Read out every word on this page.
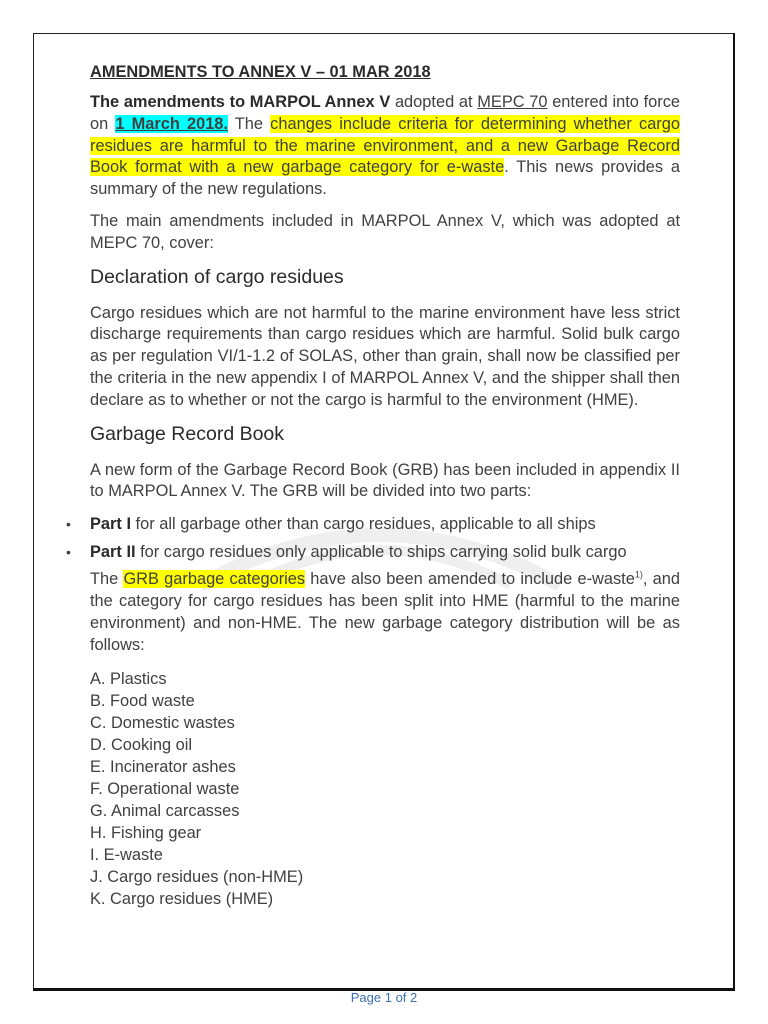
AMENDMENTS TO ANNEX V – 01 MAR 2018

The amendments to MARPOL Annex V adopted at MEPC 70 entered into force on 1 March 2018. The changes include criteria for determining whether cargo residues are harmful to the marine environment, and a new Garbage Record Book format with a new garbage category for e-waste. This news provides a summary of the new regulations.

The main amendments included in MARPOL Annex V, which was adopted at MEPC 70, cover:

Declaration of cargo residues

Cargo residues which are not harmful to the marine environment have less strict discharge requirements than cargo residues which are harmful. Solid bulk cargo as per regulation VI/1-1.2 of SOLAS, other than grain, shall now be classified per the criteria in the new appendix I of MARPOL Annex V, and the shipper shall then declare as to whether or not the cargo is harmful to the environment (HME).

Garbage Record Book

A new form of the Garbage Record Book (GRB) has been included in appendix II to MARPOL Annex V. The GRB will be divided into two parts:

•	Part I for all garbage other than cargo residues, applicable to all ships
•	Part II for cargo residues only applicable to ships carrying solid bulk cargo

The GRB garbage categories have also been amended to include e-waste$^{1)}$, and the category for cargo residues has been split into HME (harmful to the marine environment) and non-HME. The new garbage category distribution will be as follows:

A. Plastics
B. Food waste
C. Domestic wastes
D. Cooking oil
E. Incinerator ashes
F. Operational waste
G. Animal carcasses
H. Fishing gear
I. E-waste
J. Cargo residues (non-HME)
K. Cargo residues (HME)
Page 1 of 2
